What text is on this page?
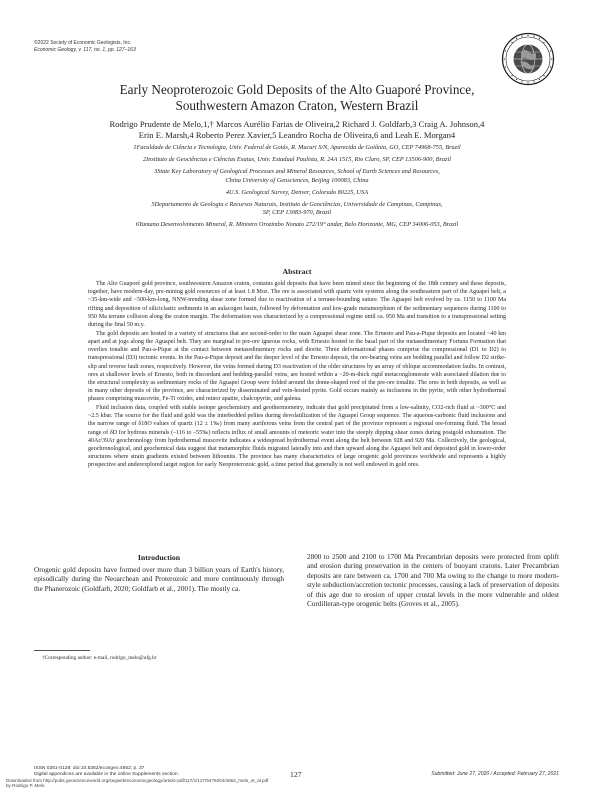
©2022 Society of Economic Geologists, Inc.
Economic Geology, v. 117, no. 1, pp. 127–163
Early Neoproterozoic Gold Deposits of the Alto Guaporé Province,
Southwestern Amazon Craton, Western Brazil
Rodrigo Prudente de Melo,1,† Marcos Aurélio Farias de Oliveira,2 Richard J. Goldfarb,3 Craig A. Johnson,4
Erin E. Marsh,4 Roberto Perez Xavier,5 Leandro Rocha de Oliveira,6 and Leah E. Morgan4
1Faculdade de Ciência e Tecnologia, Univ. Federal de Goiás, R. Mucuri S/N, Aparecida de Goiânia, GO, CEP 74968-755, Brazil
2Instituto de Geociências e Ciências Exatas, Univ. Estadual Paulista, R. 24A 1515, Rio Claro, SP, CEP 13506-900, Brazil
3State Key Laboratory of Geological Processes and Mineral Resources, School of Earth Sciences and Resources,
China University of Geosciences, Beijing 100083, China
4U.S. Geological Survey, Denver, Colorado 80225, USA
5Departamento de Geologia e Recursos Naturais, Instituto de Geociências, Universidade de Campinas, Campinas,
SP, CEP 13083-970, Brazil
6Yamana Desenvolvimento Mineral, R. Ministro Orozimbo Nonato 272/19° andar, Belo Horizonte, MG, CEP 34006-053, Brazil
Abstract

The Alto Guaporé gold province, southwestern Amazon craton, contains gold deposits that have been mined since the beginning of the 18th century and these deposits, together, have modern-day, pre-mining gold resources of at least 1.8 Moz. The ore is associated with quartz vein systems along the southeastern part of the Aguapeí belt, a ~35-km-wide and ~500-km-long, NNW-trending shear zone formed due to reactivation of a terrane-bounding suture. The Aguapeí belt evolved by ca. 1150 to 1100 Ma rifting and deposition of siliciclastic sediments in an aulacogen basin, followed by deformation and low-grade metamorphism of the sedimentary sequences during 1100 to 950 Ma terrane collision along the craton margin. The deformation was characterized by a compressional regime until ca. 950 Ma and transition to a transpressional setting during the final 50 m.y.

The gold deposits are hosted in a variety of structures that are second-order to the main Aguapeí shear zone. The Ernesto and Pau-a-Pique deposits are located ~40 km apart and at jogs along the Aguapeí belt. They are marginal to pre-ore igneous rocks, with Ernesto hosted in the basal part of the metasedimentary Fortuna Formation that overlies tonalite and Pau-a-Pique at the contact between metasedimentary rocks and diorite. Three deformational phases comprise the compressional (D1 to D2) to transpressional (D3) tectonic events. In the Pau-a-Pique deposit and the deeper level of the Ernesto deposit, the ore-bearing veins are bedding parallel and follow D2 strike-slip and reverse fault zones, respectively. However, the veins formed during D3 reactivation of the older structures by an array of oblique accommodation faults. In contrast, ores at shallower levels of Ernesto, both in discordant and bedding-parallel veins, are hosted within a ~20-m-thick rigid metaconglomerate with associated dilation due to the structural complexity as sedimentary rocks of the Aguapeí Group were folded around the dome-shaped roof of the pre-ore tonalite. The ores in both deposits, as well as in many other deposits of the province, are characterized by disseminated and vein-hosted pyrite. Gold occurs mainly as inclusions in the pyrite, with other hydrothermal phases comprising muscovite, Fe-Ti oxides, and minor apatite, chalcopyrite, and galena.

Fluid inclusion data, coupled with stable isotope geochemistry and geothermometry, indicate that gold precipitated from a low-salinity, CO2-rich fluid at ~300°C and ~2.5 kbar. The source for the fluid and gold was the interbedded pelites during devolatilization of the Aguapeí Group sequence. The aqueous-carbonic fluid inclusions and the narrow range of δ18O values of quartz (12 ± 1‰) from many auriferous veins from the central part of the province represent a regional ore-forming fluid. The broad range of δD for hydrous minerals (–116 to –55‰) reflects influx of small amounts of meteoric water into the steeply dipping shear zones during postgold exhumation. The 40Ar/39Ar geochronology from hydrothermal muscovite indicates a widespread hydrothermal event along the belt between 928 and 920 Ma. Collectively, the geological, geochronological, and geochemical data suggest that metamorphic fluids migrated laterally into and then upward along the Aguapeí belt and deposited gold in lower-order structures where strain gradients existed between lithounits. The province has many characteristics of large orogenic gold provinces worldwide and represents a highly prospective and underexplored target region for early Neoproterozoic gold, a time period that generally is not well endowed in gold ores.

Introduction

Orogenic gold deposits have formed over more than 3 billion years of Earth's history, episodically during the Neoarchean and Proterozoic and more continuously through the Phanerozoic (Goldfarb, 2020; Goldfarb et al., 2001). The mostly ca.

2800 to 2500 and 2100 to 1700 Ma Precambrian deposits were protected from uplift and erosion during preservation in the centers of buoyant cratons. Later Precambrian deposits are rare between ca. 1700 and 700 Ma owing to the change to more modern-style subduction/accretion tectonic processes, causing a lack of preservation of deposits of this age due to erosion of upper crustal levels in the more vulnerable and oldest Cordilleran-type orogenic belts (Groves et al., 2005).

†Corresponding author: e-mail, rodrigo_melo@ufg.br
ISSN 0361-0128; doi:10.5382/econgeo.4852; p. 37
Digital appendices are available in the online Supplements section.	127	Submitted: June 27, 2020 / Accepted: February 27, 2021
Downloaded from http://pubs.geoscienceworld.org/segweb/economicgeology/article-pdf/117/1/127/5479204/4852_melo_et_al.pdf
by Rodrigo P. Melo
